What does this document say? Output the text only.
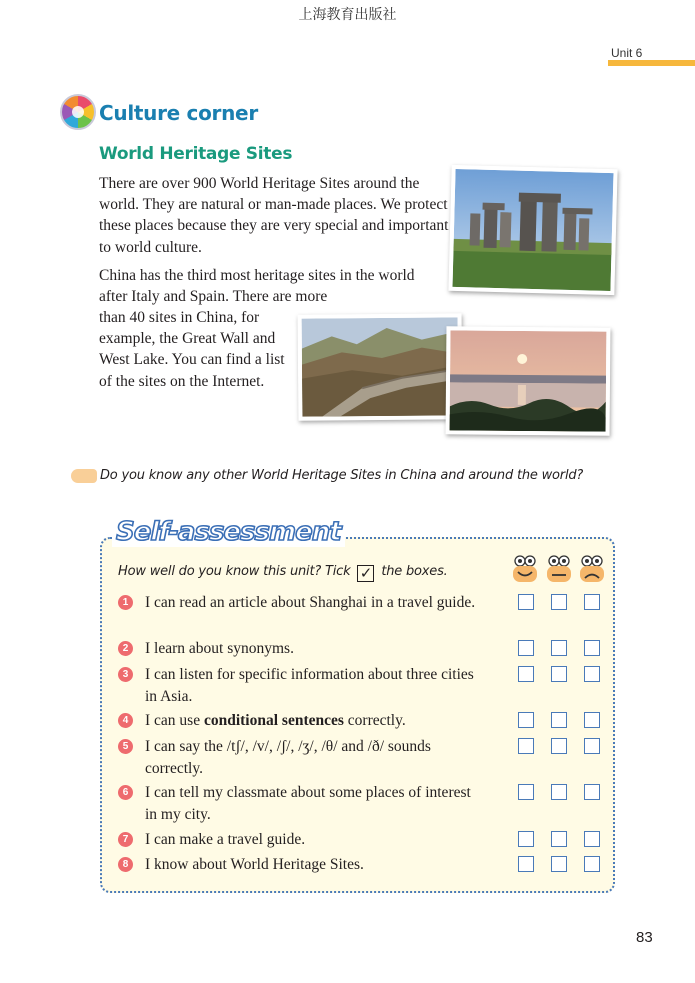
上海教育出版社
Unit 6
Culture corner
World Heritage Sites

There are over 900 World Heritage Sites around the world. They are natural or man-made places. We protect these places because they are very special and important to world culture.

China has the third most heritage sites in the world after Italy and Spain. There are more

than 40 sites in China, for example, the Great Wall and West Lake. You can find a list of the sites on the Internet.

Do you know any other World Heritage Sites in China and around the world?
Self-assessment
How well do you know this unit? Tick ✓ the boxes.
1	I can read an article about Shanghai in a travel guide.
2	I learn about synonyms.
3	I can listen for specific information about three cities in Asia.
4	I can use conditional sentences correctly.
5	I can say the /tʃ/, /v/, /ʃ/, /ʒ/, /θ/ and /ð/ sounds correctly.
6	I can tell my classmate about some places of interest in my city.
7	I can make a travel guide.
8	I know about World Heritage Sites.
83
